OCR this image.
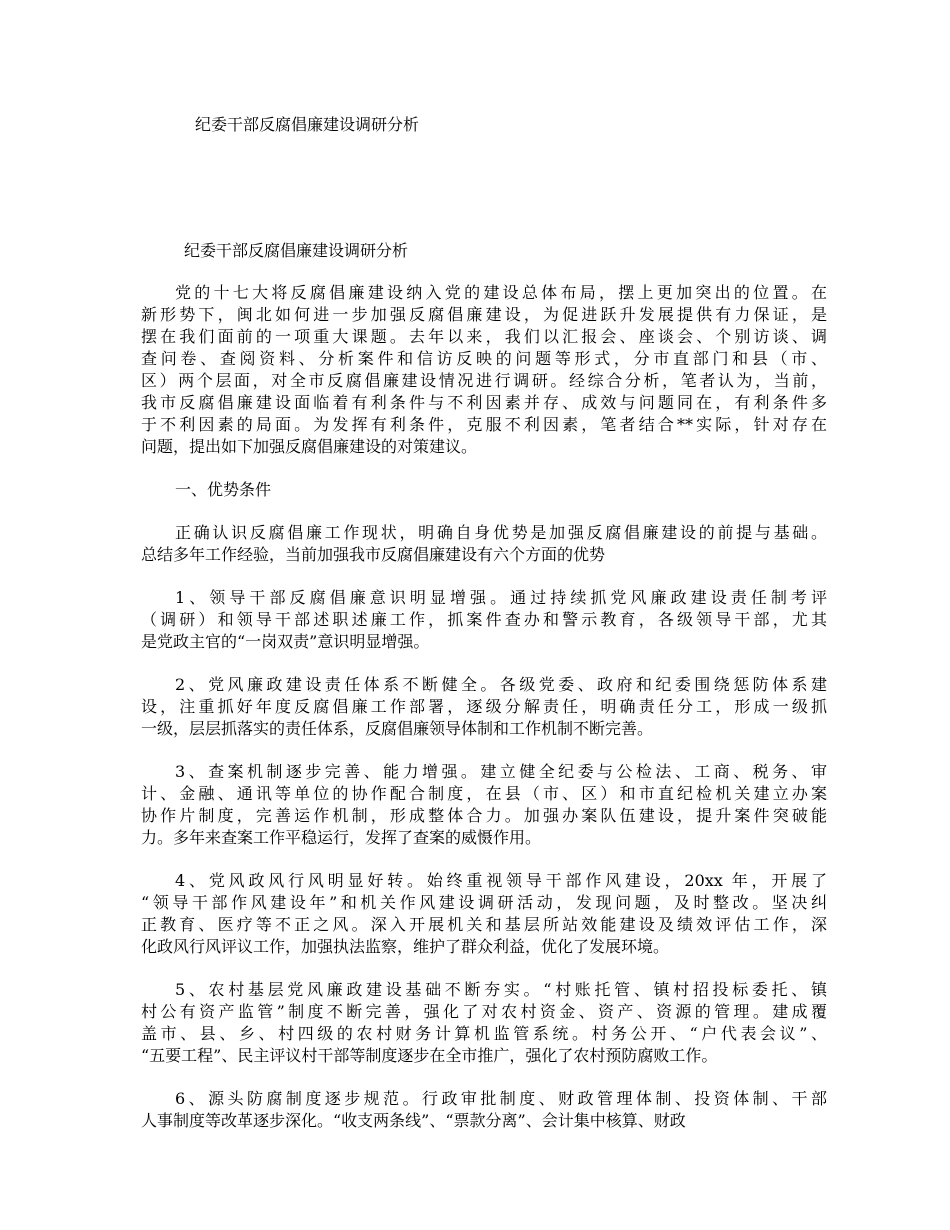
纪委干部反腐倡廉建设调研分析
纪委干部反腐倡廉建设调研分析

党的十七大将反腐倡廉建设纳入党的建设总体布局，摆上更加突出的位置。在
新形势下，闽北如何进一步加强反腐倡廉建设，为促进跃升发展提供有力保证，是
摆在我们面前的一项重大课题。去年以来，我们以汇报会、座谈会、个别访谈、调
查问卷、查阅资料、分析案件和信访反映的问题等形式，分市直部门和县（市、
区）两个层面，对全市反腐倡廉建设情况进行调研。经综合分析，笔者认为，当前，
我市反腐倡廉建设面临着有利条件与不利因素并存、成效与问题同在，有利条件多
于不利因素的局面。为发挥有利条件，克服不利因素，笔者结合**实际，针对存在
问题，提出如下加强反腐倡廉建设的对策建议。

一、优势条件

正确认识反腐倡廉工作现状，明确自身优势是加强反腐倡廉建设的前提与基础。
总结多年工作经验，当前加强我市反腐倡廉建设有六个方面的优势

1、领导干部反腐倡廉意识明显增强。通过持续抓党风廉政建设责任制考评
（调研）和领导干部述职述廉工作，抓案件查办和警示教育，各级领导干部，尤其
是党政主官的“一岗双责”意识明显增强。

2、党风廉政建设责任体系不断健全。各级党委、政府和纪委围绕惩防体系建
设，注重抓好年度反腐倡廉工作部署，逐级分解责任，明确责任分工，形成一级抓
一级，层层抓落实的责任体系，反腐倡廉领导体制和工作机制不断完善。

3、查案机制逐步完善、能力增强。建立健全纪委与公检法、工商、税务、审
计、金融、通讯等单位的协作配合制度，在县（市、区）和市直纪检机关建立办案
协作片制度，完善运作机制，形成整体合力。加强办案队伍建设，提升案件突破能
力。多年来查案工作平稳运行，发挥了查案的威慑作用。

4、党风政风行风明显好转。始终重视领导干部作风建设，20xx 年，开展了
“领导干部作风建设年”和机关作风建设调研活动，发现问题，及时整改。坚决纠
正教育、医疗等不正之风。深入开展机关和基层所站效能建设及绩效评估工作，深
化政风行风评议工作，加强执法监察，维护了群众利益，优化了发展环境。

5、农村基层党风廉政建设基础不断夯实。“村账托管、镇村招投标委托、镇
村公有资产监管”制度不断完善，强化了对农村资金、资产、资源的管理。建成覆
盖市、县、乡、村四级的农村财务计算机监管系统。村务公开、“户代表会议”、
“五要工程”、民主评议村干部等制度逐步在全市推广，强化了农村预防腐败工作。

6、源头防腐制度逐步规范。行政审批制度、财政管理体制、投资体制、干部
人事制度等改革逐步深化。“收支两条线”、“票款分离”、会计集中核算、财政
